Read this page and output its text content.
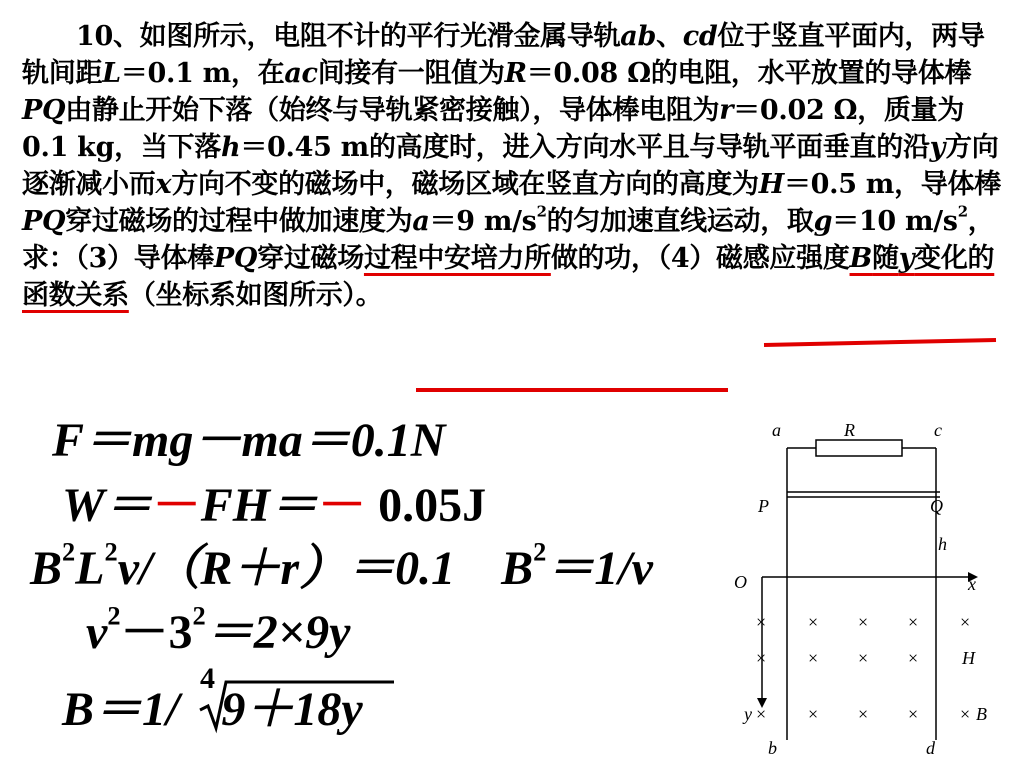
10、如图所示，电阻不计的平行光滑金属导轨ab、cd位于竖直平面内，两导轨间距L＝0.1 m，在ac间接有一阻值为R＝0.08 Ω的电阻，水平放置的导体棒PQ由静止开始下落（始终与导轨紧密接触），导体棒电阻为r＝0.02 Ω，质量为0.1 kg，当下落h＝0.45 m的高度时，进入方向水平且与导轨平面垂直的沿y方向逐渐减小而x方向不变的磁场中，磁场区域在竖直方向的高度为H＝0.5 m，导体棒PQ穿过磁场的过程中做加速度为a＝9 $m/s^2$的匀加速直线运动，取g＝10 $m/s^2$，求：（3）导体棒PQ穿过磁场过程中安培力所做的功，（4）磁感应强度B随y变化的函数关系（坐标系如图所示）。

F＝mg－ma＝0.1N
W＝－FH＝－ 0.05J
$B^2L^2v/(R+r)=0.1$ $B^2=1/v$
$v^2-3^2=2\times 9y$
B＝1/ 9＋18y
4
a	R	c
P	Q
h
O	x
H
y	B
b	d
× × × × ×
× × × ×
× × × × ×
